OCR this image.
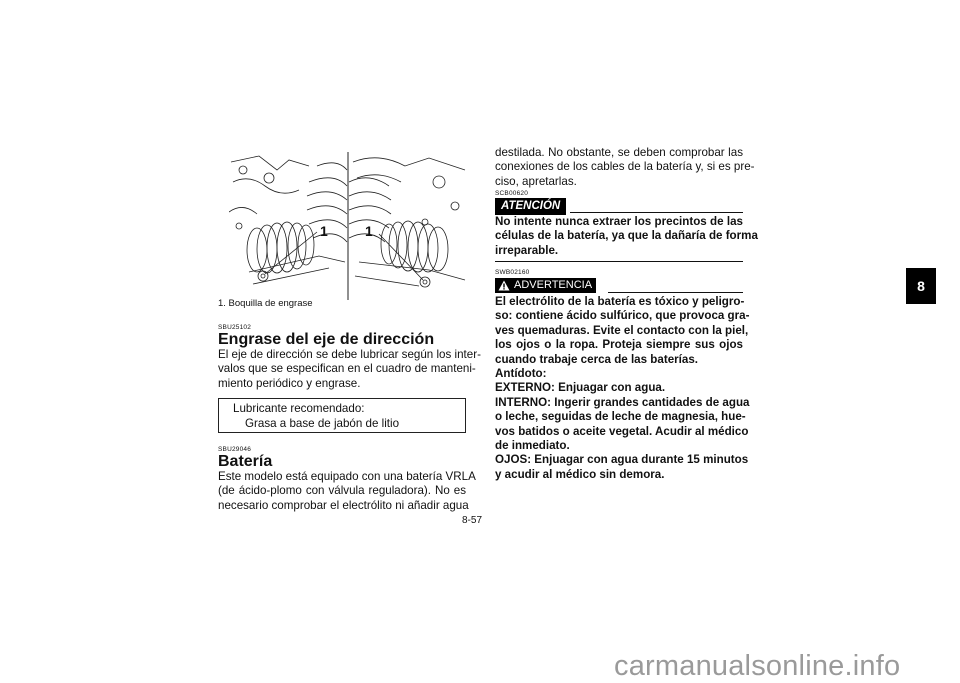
1	1
1. Boquilla de engrase
SBU25102
Engrase del eje de dirección
El eje de dirección se debe lubricar según los inter-
valos que se especifican en el cuadro de manteni-
miento periódico y engrase.
Lubricante recomendado:
Grasa a base de jabón de litio
SBU29046
Batería
Este modelo está equipado con una batería VRLA
(de ácido-plomo con válvula reguladora). No es
necesario comprobar el electrólito ni añadir agua
destilada. No obstante, se deben comprobar las
conexiones de los cables de la batería y, si es pre-
ciso, apretarlas.
SCB00620
ATENCIÓN
No intente nunca extraer los precintos de las
células de la batería, ya que la dañaría de forma
irreparable.
SWB02160
ADVERTENCIA
El electrólito de la batería es tóxico y peligro-
so: contiene ácido sulfúrico, que provoca gra-
ves quemaduras. Evite el contacto con la piel,
los ojos o la ropa. Proteja siempre sus ojos
cuando trabaje cerca de las baterías.
Antídoto:
EXTERNO: Enjuagar con agua.
INTERNO: Ingerir grandes cantidades de agua
o leche, seguidas de leche de magnesia, hue-
vos batidos o aceite vegetal. Acudir al médico
de inmediato.
OJOS: Enjuagar con agua durante 15 minutos
y acudir al médico sin demora.
8
8-57
carmanualsonline.info
